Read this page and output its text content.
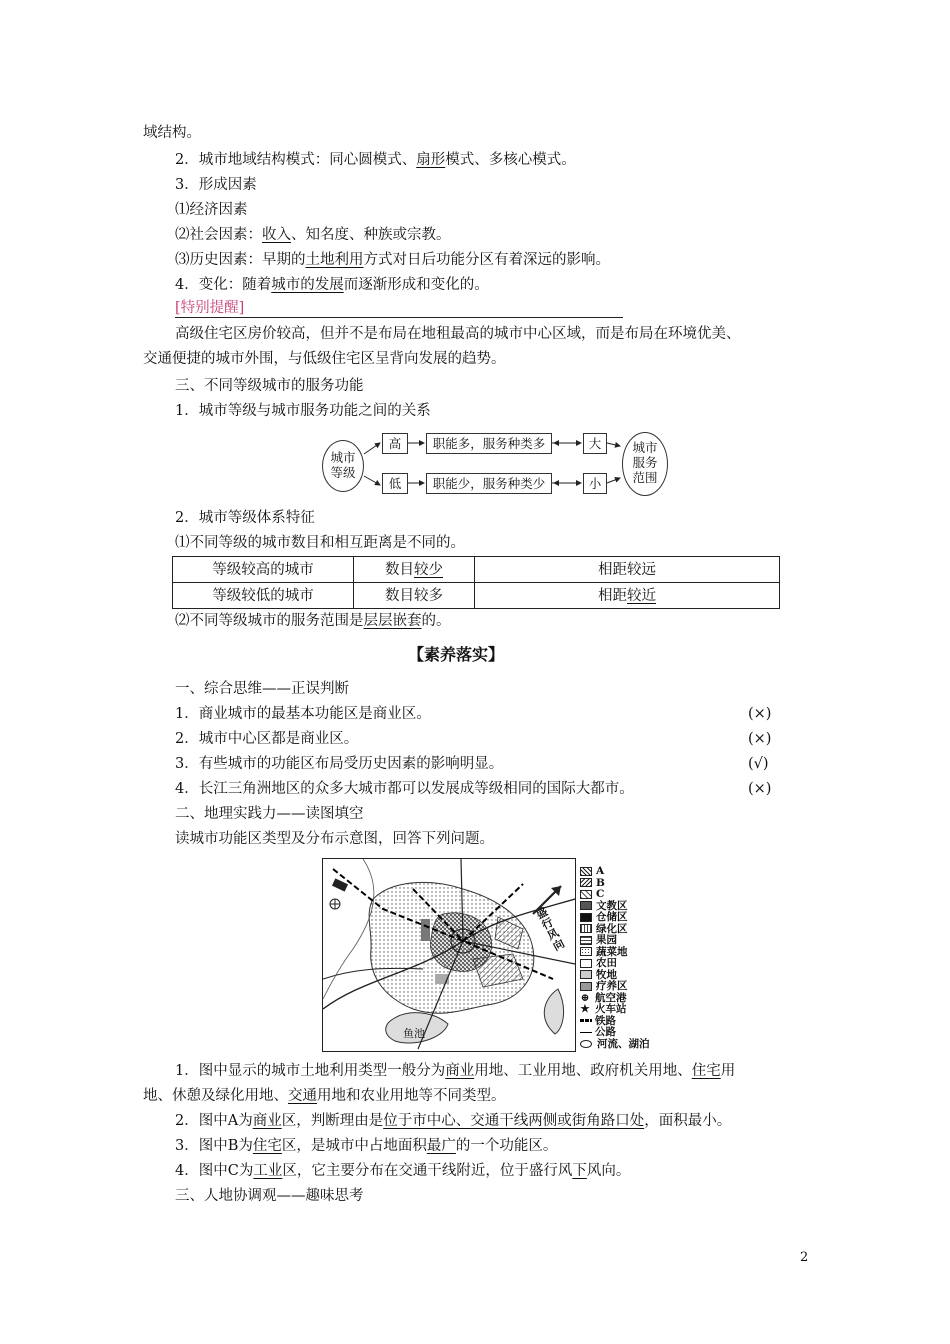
域结构。
2．城市地域结构模式：同心圆模式、扇形模式、多核心模式。
3．形成因素
⑴经济因素
⑵社会因素：收入、知名度、种族或宗教。
⑶历史因素：早期的土地利用方式对日后功能分区有着深远的影响。
4．变化：随着城市的发展而逐渐形成和变化的。
[特别提醒]
高级住宅区房价较高，但并不是布局在地租最高的城市中心区域，而是布局在环境优美、
交通便捷的城市外围，与低级住宅区呈背向发展的趋势。
三、不同等级城市的服务功能
1．城市等级与城市服务功能之间的关系
城市
等级
高
低
职能多，服务种类多
职能少，服务种类少
大
小
城市
服务
范围
2．城市等级体系特征
⑴不同等级的城市数目和相互距离是不同的。
等级较高的城市	数目较少	相距较远
等级较低的城市	数目较多	相距较近
⑵不同等级城市的服务范围是层层嵌套的。
【素养落实】
一、综合思维——正误判断
1．商业城市的最基本功能区是商业区。	(×)
2．城市中心区都是商业区。	(×)
3．有些城市的功能区布局受历史因素的影响明显。	(√)
4．长江三角洲地区的众多大城市都可以发展成等级相同的国际大都市。	(×)
二、地理实践力——读图填空
读城市功能区类型及分布示意图，回答下列问题。
盛行风向
鱼池
A
B
C
文教区
仓储区
绿化区
果园
蔬菜地
农田
牧地
疗养区
⊕ 航空港
★ 火车站
铁路
公路
河流、湖泊
1．图中显示的城市土地利用类型一般分为商业用地、工业用地、政府机关用地、住宅用
地、休憩及绿化用地、交通用地和农业用地等不同类型。
2．图中A为商业区，判断理由是位于市中心、交通干线两侧或街角路口处，面积最小。
3．图中B为住宅区，是城市中占地面积最广的一个功能区。
4．图中C为工业区，它主要分布在交通干线附近，位于盛行风下风向。
三、人地协调观——趣味思考
2
